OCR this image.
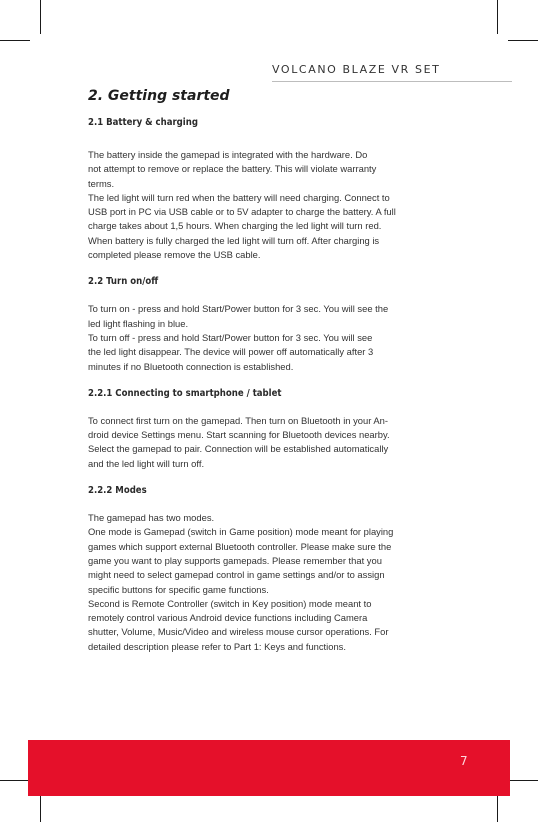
VOLCANO BLAZE VR SET
2. Getting started
2.1 Battery & charging

The battery inside the gamepad is integrated with the hardware. Do
not attempt to remove or replace the battery. This will violate warranty
terms.
The led light will turn red when the battery will need charging. Connect to
USB port in PC via USB cable or to 5V adapter to charge the battery. A full
charge takes about 1,5 hours. When charging the led light will turn red.
When battery is fully charged the led light will turn off. After charging is
completed please remove the USB cable.

2.2 Turn on/off

To turn on - press and hold Start/Power button for 3 sec. You will see the
led light flashing in blue.
To turn off - press and hold Start/Power button for 3 sec. You will see
the led light disappear. The device will power off automatically after 3
minutes if no Bluetooth connection is established.

2.2.1 Connecting to smartphone / tablet

To connect first turn on the gamepad. Then turn on Bluetooth in your An-
droid device Settings menu. Start scanning for Bluetooth devices nearby.
Select the gamepad to pair. Connection will be established automatically
and the led light will turn off.

2.2.2 Modes

The gamepad has two modes.
One mode is Gamepad (switch in Game position) mode meant for playing
games which support external Bluetooth controller. Please make sure the
game you want to play supports gamepads. Please remember that you
might need to select gamepad control in game settings and/or to assign
specific buttons for specific game functions.
Second is Remote Controller (switch in Key position) mode meant to
remotely control various Android device functions including Camera
shutter, Volume, Music/Video and wireless mouse cursor operations. For
detailed description please refer to Part 1: Keys and functions.

7
